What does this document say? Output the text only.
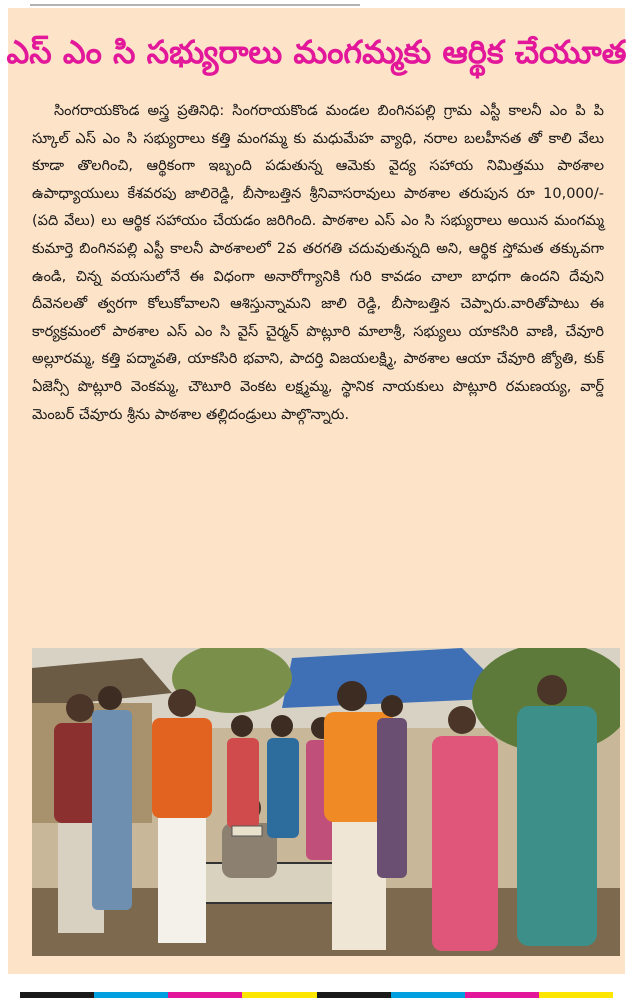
ఎస్ ఎం సి సభ్యురాలు మంగమ్మకు ఆర్థిక చేయూత

సింగరాయకొండ అస్త్ర ప్రతినిధి: సింగరాయకొండ మండల బింగినపల్లి గ్రామ ఎస్టీ కాలనీ ఎం పి పి స్కూల్ ఎస్ ఎం సి సభ్యురాలు కత్తి మంగమ్మ కు మధుమేహ వ్యాధి, నరాల బలహీనత తో కాలి వేలు కూడా తొలగించి, ఆర్థికంగా ఇబ్బంది పడుతున్న ఆమెకు వైద్య సహాయ నిమిత్తము పాఠశాల ఉపాధ్యాయులు కేశవరపు జాలిరెడ్డి, బీసాబత్తిన శ్రీనివాసరావులు పాఠశాల తరుపున రూ 10,000/- (పది వేలు) లు ఆర్థిక సహాయం చేయడం జరిగింది. పాఠశాల ఎస్ ఎం సి సభ్యురాలు అయిన మంగమ్మ కుమార్తె బింగినపల్లి ఎస్టీ కాలనీ పాఠశాలలో 2వ తరగతి చదువుతున్నది అని, ఆర్థిక స్తోమత తక్కువగా ఉండి, చిన్న వయసులోనే ఈ విధంగా అనారోగ్యానికి గురి కావడం చాలా బాధగా ఉందని దేవుని దీవెనలతో త్వరగా కోలుకోవాలని ఆశిస్తున్నామని జాలి రెడ్డి, బీసాబత్తిన చెప్పారు.వారితోపాటు ఈ కార్యక్రమంలో పాఠశాల ఎస్ ఎం సి వైస్ చైర్మన్ పొట్లూరి మాలాశ్రీ, సభ్యులు యాకసిరి వాణి, చేవూరి అల్లూరమ్మ, కత్తి పద్మావతి, యాకసిరి భవాని, పాదర్తి విజయలక్ష్మి, పాఠశాల ఆయా చేవూరి జ్యోతి, కుక్ ఏజెన్సీ పొట్లూరి వెంకమ్మ, చౌటూరి వెంకట లక్ష్మమ్మ, స్థానిక నాయకులు పొట్లూరి రమణయ్య, వార్డ్ మెంబర్ చేవూరు శ్రీను పాఠశాల తల్లిదండ్రులు పాల్గొన్నారు.
